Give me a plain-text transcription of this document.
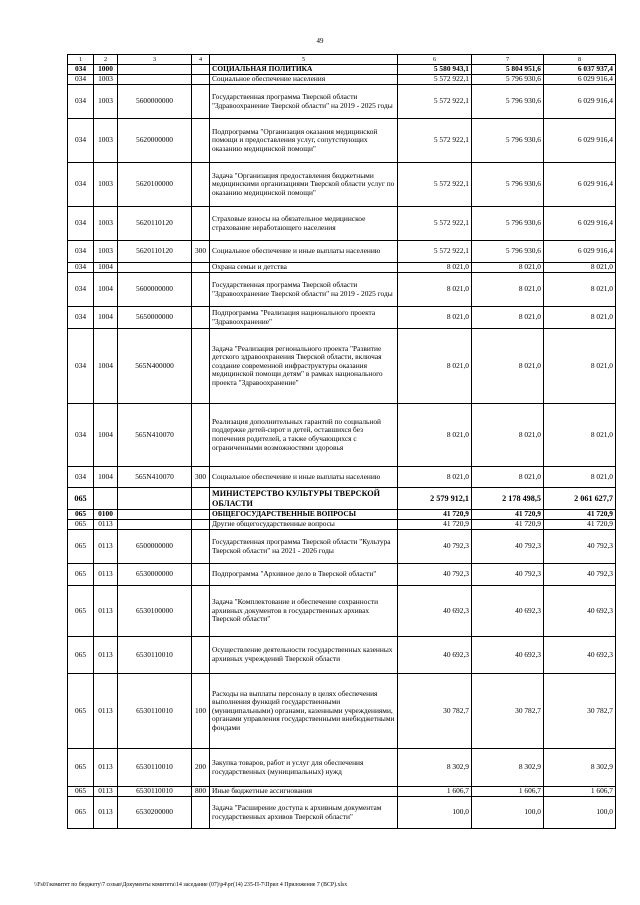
49
1	2	3	4	5	6	7	8
034	1000			СОЦИАЛЬНАЯ ПОЛИТИКА	5 580 943,1	5 804 951,6	6 037 937,4
034	1003			Социальное обеспечение населения	5 572 922,1	5 796 930,6	6 029 916,4
034	1003	5600000000		Государственная программа Тверской области "Здравоохранение Тверской области" на 2019 - 2025 годы	5 572 922,1	5 796 930,6	6 029 916,4
034	1003	5620000000		Подпрограмма "Организация оказания медицинской помощи и предоставления услуг, сопутствующих оказанию медицинской помощи"	5 572 922,1	5 796 930,6	6 029 916,4
034	1003	5620100000		Задача "Организация предоставления бюджетными медицинскими организациями Тверской области услуг по оказанию медицинской помощи"	5 572 922,1	5 796 930,6	6 029 916,4
034	1003	5620110120		Страховые взносы на обязательное медицинское страхование неработающего населения	5 572 922,1	5 796 930,6	6 029 916,4
034	1003	5620110120	300	Социальное обеспечение и иные выплаты населению	5 572 922,1	5 796 930,6	6 029 916,4
034	1004			Охрана семьи и детства	8 021,0	8 021,0	8 021,0
034	1004	5600000000		Государственная программа Тверской области "Здравоохранение Тверской области" на 2019 - 2025 годы	8 021,0	8 021,0	8 021,0
034	1004	5650000000		Подпрограмма "Реализация национального проекта "Здравоохранение"	8 021,0	8 021,0	8 021,0
034	1004	565N400000		Задача "Реализация регионального проекта "Развитие детского здравоохранения Тверской области, включая создание современной инфраструктуры оказания медицинской помощи детям" в рамках национального проекта "Здравоохранение"	8 021,0	8 021,0	8 021,0
034	1004	565N410070		Реализация дополнительных гарантий по социальной поддержке детей-сирот и детей, оставшихся без попечения родителей, а также обучающихся с ограниченными возможностями здоровья	8 021,0	8 021,0	8 021,0
034	1004	565N410070	300	Социальное обеспечение и иные выплаты населению	8 021,0	8 021,0	8 021,0
065				МИНИСТЕРСТВО КУЛЬТУРЫ ТВЕРСКОЙ ОБЛАСТИ	2 579 912,1	2 178 498,5	2 061 627,7
065	0100			ОБЩЕГОСУДАРСТВЕННЫЕ ВОПРОСЫ	41 720,9	41 720,9	41 720,9
065	0113			Другие общегосударственные вопросы	41 720,9	41 720,9	41 720,9
065	0113	6500000000		Государственная программа Тверской области "Культура Тверской области" на 2021 - 2026 годы	40 792,3	40 792,3	40 792,3
065	0113	6530000000		Подпрограмма "Архивное дело в Тверской области"	40 792,3	40 792,3	40 792,3
065	0113	6530100000		Задача "Комплектование и обеспечение сохранности архивных документов в государственных архивах Тверской области"	40 692,3	40 692,3	40 692,3
065	0113	6530110010		Осуществление деятельности государственных казенных архивных учреждений Тверской области	40 692,3	40 692,3	40 692,3
065	0113	6530110010	100	Расходы на выплаты персоналу в целях обеспечения выполнения функций государственными (муниципальными) органами, казенными учреждениями, органами управления государственными внебюджетными фондами	30 782,7	30 782,7	30 782,7
065	0113	6530110010	200	Закупка товаров, работ и услуг для обеспечения государственных (муниципальных) нужд	8 302,9	8 302,9	8 302,9
065	0113	6530110010	800	Иные бюджетные ассигнования	1 606,7	1 606,7	1 606,7
065	0113	6530200000		Задача "Расширение доступа к архивным документам государственных архивов Тверской области"	100,0	100,0	100,0
\\Fs01\комитет по бюджету\7 созыв\Документы комитета\14 заседание (07)\р4\рг(14) 235-П-7\Прил 4 Приложение 7 (ВСР).xlsx
